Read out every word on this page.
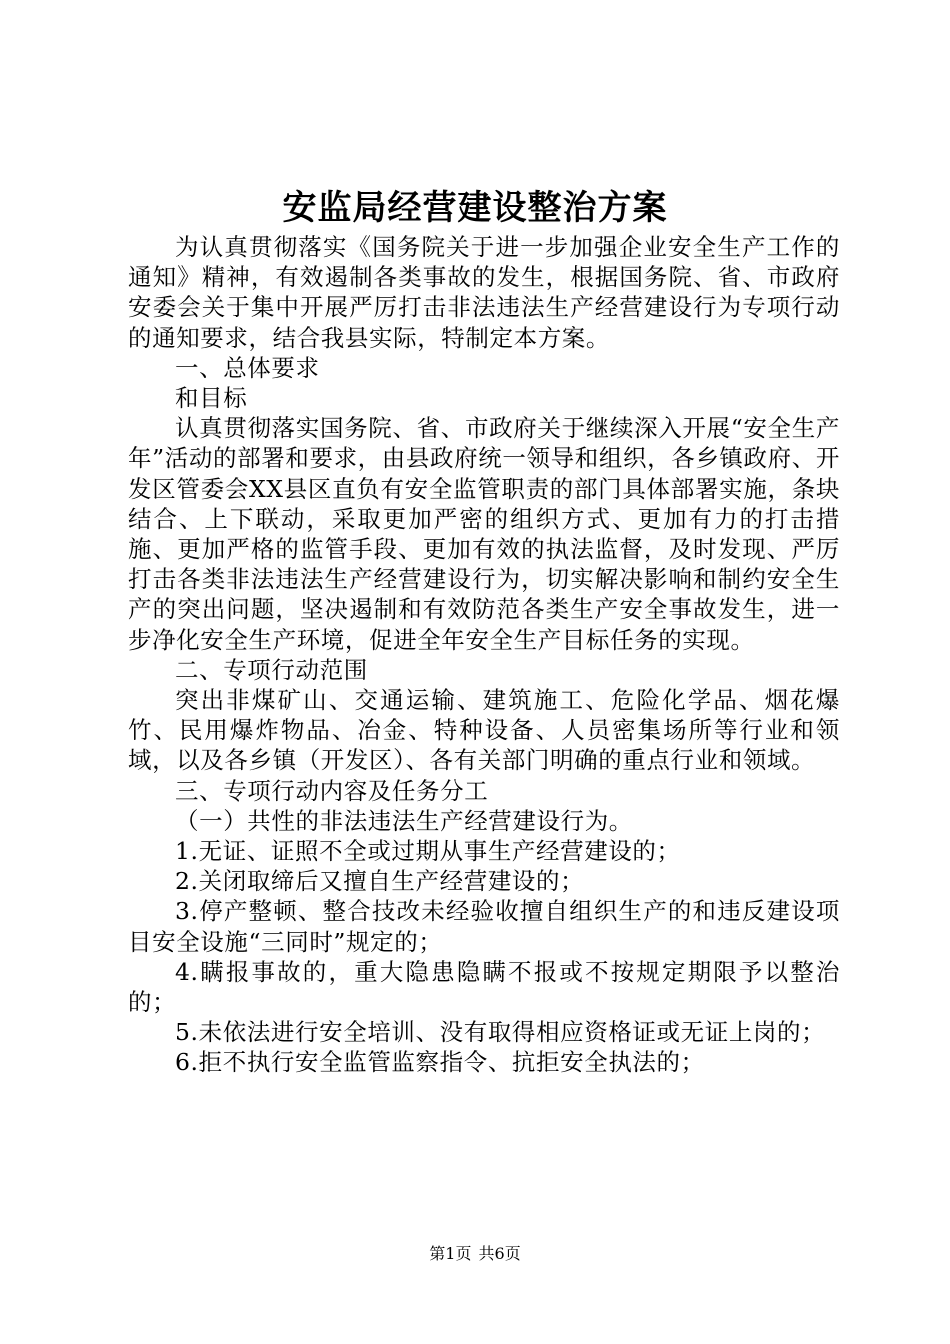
安监局经营建设整治方案

为认真贯彻落实《国务院关于进一步加强企业安全生产工作的通知》精神，有效遏制各类事故的发生，根据国务院、省、市政府安委会关于集中开展严厉打击非法违法生产经营建设行为专项行动的通知要求，结合我县实际，特制定本方案。

一、总体要求

和目标

认真贯彻落实国务院、省、市政府关于继续深入开展“安全生产年”活动的部署和要求，由县政府统一领导和组织，各乡镇政府、开发区管委会XX县区直负有安全监管职责的部门具体部署实施，条块结合、上下联动，采取更加严密的组织方式、更加有力的打击措施、更加严格的监管手段、更加有效的执法监督，及时发现、严厉打击各类非法违法生产经营建设行为，切实解决影响和制约安全生产的突出问题，坚决遏制和有效防范各类生产安全事故发生，进一步净化安全生产环境，促进全年安全生产目标任务的实现。

二、专项行动范围

突出非煤矿山、交通运输、建筑施工、危险化学品、烟花爆竹、民用爆炸物品、冶金、特种设备、人员密集场所等行业和领域，以及各乡镇（开发区）、各有关部门明确的重点行业和领域。

三、专项行动内容及任务分工

（一）共性的非法违法生产经营建设行为。

1.无证、证照不全或过期从事生产经营建设的；

2.关闭取缔后又擅自生产经营建设的；

3.停产整顿、整合技改未经验收擅自组织生产的和违反建设项目安全设施“三同时”规定的；

4.瞒报事故的，重大隐患隐瞒不报或不按规定期限予以整治的；

5.未依法进行安全培训、没有取得相应资格证或无证上岗的；

6.拒不执行安全监管监察指令、抗拒安全执法的；

第1页 共6页
